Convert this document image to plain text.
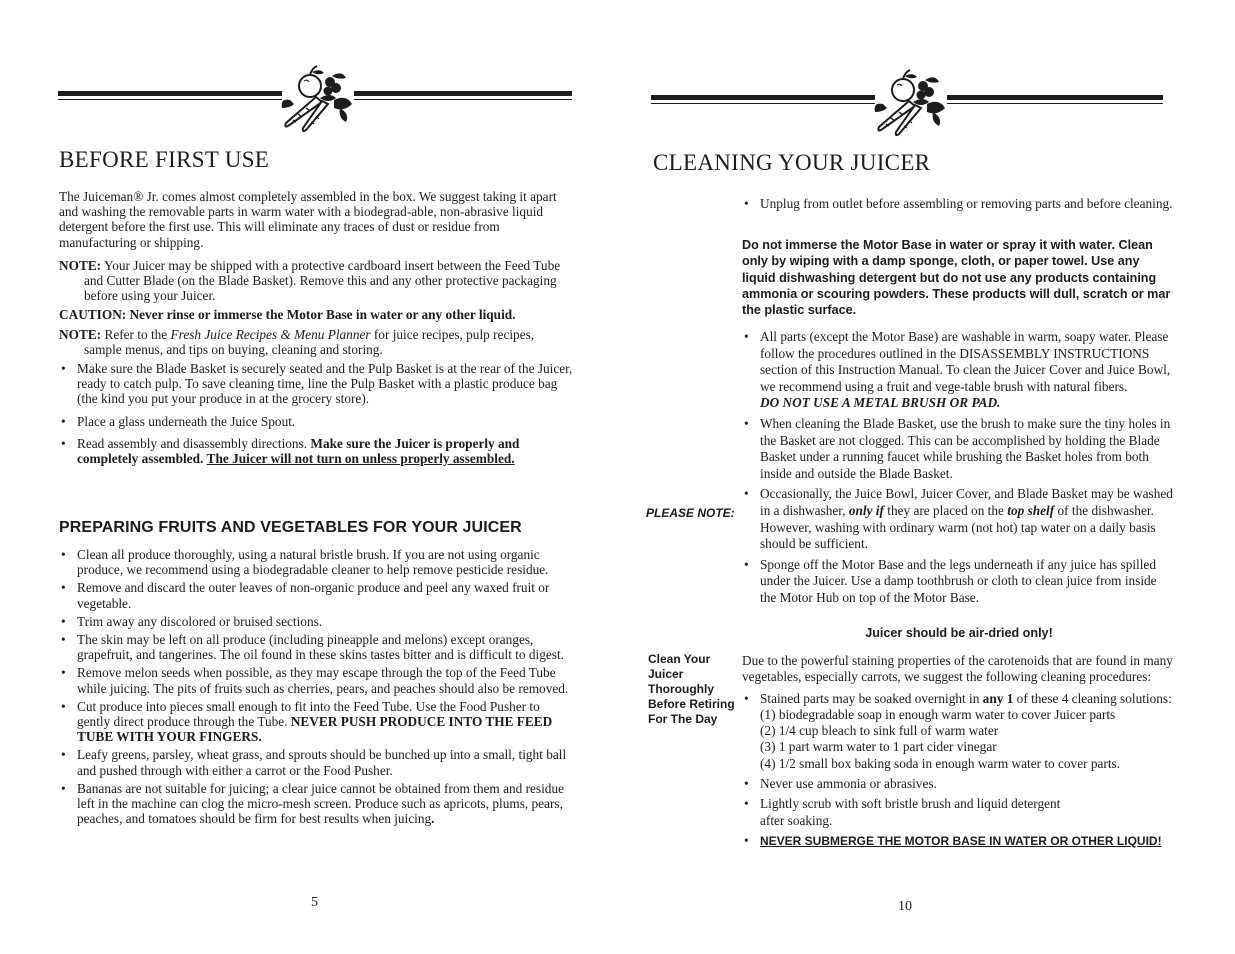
BEFORE FIRST USE

The Juiceman® Jr. comes almost completely assembled in the box. We suggest taking it apart and washing the removable parts in warm water with a biodegrad-able, non-abrasive liquid detergent before the first use. This will eliminate any traces of dust or residue from manufacturing or shipping.

NOTE: Your Juicer may be shipped with a protective cardboard insert between the Feed Tube and Cutter Blade (on the Blade Basket). Remove this and any other protective packaging before using your Juicer.

CAUTION: Never rinse or immerse the Motor Base in water or any other liquid.

NOTE: Refer to the Fresh Juice Recipes & Menu Planner for juice recipes, pulp recipes, sample menus, and tips on buying, cleaning and storing.

• Make sure the Blade Basket is securely seated and the Pulp Basket is at the rear of the Juicer, ready to catch pulp. To save cleaning time, line the Pulp Basket with a plastic produce bag (the kind you put your produce in at the grocery store).
• Place a glass underneath the Juice Spout.
• Read assembly and disassembly directions. Make sure the Juicer is properly and completely assembled. The Juicer will not turn on unless properly assembled.
PREPARING FRUITS AND VEGETABLES FOR YOUR JUICER
• Clean all produce thoroughly, using a natural bristle brush. If you are not using organic produce, we recommend using a biodegradable cleaner to help remove pesticide residue.
• Remove and discard the outer leaves of non-organic produce and peel any waxed fruit or vegetable.
• Trim away any discolored or bruised sections.
• The skin may be left on all produce (including pineapple and melons) except oranges, grapefruit, and tangerines. The oil found in these skins tastes bitter and is difficult to digest.
• Remove melon seeds when possible, as they may escape through the top of the Feed Tube while juicing. The pits of fruits such as cherries, pears, and peaches should also be removed.
• Cut produce into pieces small enough to fit into the Feed Tube. Use the Food Pusher to gently direct produce through the Tube. NEVER PUSH PRODUCE INTO THE FEED TUBE WITH YOUR FINGERS.
• Leafy greens, parsley, wheat grass, and sprouts should be bunched up into a small, tight ball and pushed through with either a carrot or the Food Pusher.
• Bananas are not suitable for juicing; a clear juice cannot be obtained from them and residue left in the machine can clog the micro-mesh screen. Produce such as apricots, plums, pears, peaches, and tomatoes should be firm for best results when juicing.
5
CLEANING YOUR JUICER
• Unplug from outlet before assembling or removing parts and before cleaning.
Do not immerse the Motor Base in water or spray it with water. Clean only by wiping with a damp sponge, cloth, or paper towel. Use any liquid dishwashing detergent but do not use any products containing ammonia or scouring powders. These products will dull, scratch or mar the plastic surface.
• All parts (except the Motor Base) are washable in warm, soapy water. Please follow the procedures outlined in the DISASSEMBLY INSTRUCTIONS section of this Instruction Manual. To clean the Juicer Cover and Juice Bowl, we recommend using a fruit and vege-table brush with natural fibers.
DO NOT USE A METAL BRUSH OR PAD.
• When cleaning the Blade Basket, use the brush to make sure the tiny holes in the Basket are not clogged. This can be accomplished by holding the Blade Basket under a running faucet while brushing the Basket holes from both inside and outside the Blade Basket.
• Occasionally, the Juice Bowl, Juicer Cover, and Blade Basket may be washed in a dishwasher, only if they are placed on the top shelf of the dishwasher. However, washing with ordinary warm (not hot) tap water on a daily basis should be sufficient.
• Sponge off the Motor Base and the legs underneath if any juice has spilled under the Juicer. Use a damp toothbrush or cloth to clean juice from inside the Motor Hub on top of the Motor Base.
PLEASE NOTE:
Juicer should be air-dried only!
Clean Your Juicer Thoroughly Before Retiring For The Day

Due to the powerful staining properties of the carotenoids that are found in many vegetables, especially carrots, we suggest the following cleaning procedures:

• Stained parts may be soaked overnight in any 1 of these 4 cleaning solutions:
(1) biodegradable soap in enough warm water to cover Juicer parts
(2) 1/4 cup bleach to sink full of warm water
(3) 1 part warm water to 1 part cider vinegar
(4) 1/2 small box baking soda in enough warm water to cover parts.
• Never use ammonia or abrasives.
• Lightly scrub with soft bristle brush and liquid detergent
after soaking.
• NEVER SUBMERGE THE MOTOR BASE IN WATER OR OTHER LIQUID!
10
